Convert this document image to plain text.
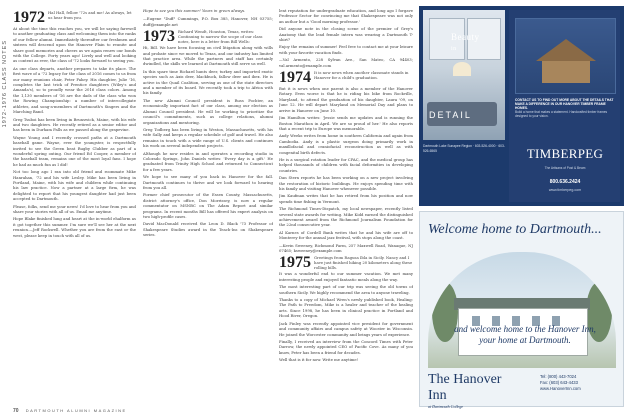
1972-1976 CLASS NOTES
1972 Hal Hall, fellow '72s and me! As always, let us hear from you.

At about the time this reaches you, we will be saying farewell to another graduating class and welcoming them into the ranks of our fellow alumni. Immediately thereafter our freshmen and sixteen will descend upon the Hanover Plain to reunite and share good memories and cheers as we again renew our bonds with the College. Forty years ago! Lively and well and looking as content as ever, the class of '72 looks forward to seeing you.

As one class departs, another prepares to take its place. The first wave of a '72 legacy for the class of 2016 comes to us from our many reunions chair, Peter Fahey. His daughter, Julie '16, completes the last trick of Prentice daughters (Wiley's and Amanda's), so to proudly wear the 2016 class colors. Among the 1,130 members of '16 are the dads of the class who won the Rowing Championship: a number of intercollegiate athletes, and song-a-members of Dartmouth's Singers and the Marching Band.

Greg Tsuboi has been living in Brunswick, Maine, with his wife and two daughters. He recently retired as a senior editor and has been in Durham Falls as we passed along the grapevine.

Wayne Young and I recently crossed paths at a Dartmouth baseball game. Wayne, ever the youngster, is respectfully invited to see the Green beat Rugby Clubber as part of a wonderful spring outing. Our friend Ed Cooper, a member of the baseball team, remains one of the most loyal fans. I hope he had as much fun as I did!

Not too long ago I ran into old friend and roommate Mike Hanrahan, '72 and his wife Lesley. Mike has been living in Portland, Maine, with his wife and children while continuing his law practice. Now a partner at a large firm, he was delighted to report that his youngest daughter had just been accepted to Dartmouth.

Please, folks, send me your news! I'd love to hear from you and share your stories with all of us. Email me anytime.

Hope Blake finished lung and heart at the in-world ehalform as it got together this summer. I'm sure we'll see her at the next reunion.—Jeff Rockwell. Whether you are from the east or the west, please keep in touch with all of us.

Hope to see you this summer! Yours in green always.

—Eugene "Duff" Cummings, P.O. Box 385, Hanover, NH 03755; duff@example.net

1973 Richard Wendt, Houston, Texas, writes: Continuing to narrow the scope of our class notes, here is a letter from Bill Wells:

Hi, Bill. We have been focusing on civil litigation along with wills and probate since we moved to Texas, and our industry has limited that practice area. While the partners and staff has certainly dwindled, the skills we learned at Dartmouth still serve us well.

In this spare time Richard hunts deer, turkey and imported exotic species such as Axis deer, blackbuck, fallow deer and ibex. He is active in the Quail Coalition, serving as one of the state directors and a member of its board. We recently took a trip to Africa with his family.

The new Alumni Council president is Russ Pochter, an economically important fact of our class, among our election as Alumni Council president. He will be working to prioritize the council's commitments, such as college relations, alumni organizations and mentoring.

Greg Todberg has been living in Weston, Massachusetts, with his wife Sally and keeps a regular schedule of golf and travel. He also remains in touch with a wide range of U.S. clients and continues his work on several independent projects.

Although he now resides in and operates a recording studio in Colorado Springs, John Daniels writes: 'Every day is a gift.' He graduated from Trinity High School and returned to Connecticut for a few years.

We hope to see many of you back in Hanover for the fall. Dartmouth continues to thrive and we look forward to hearing from you all.

Former chief prosecutor of the Essex County, Massachusetts, district attorney's office, Don Morrissey, is now a regular commentator on MSNBC on The Adam Report and similar programs. In recent months Bill has offered his expert analysis on two high-profile cases.

David MacDonald received the Leon D. Black '73 Professor of Shakespeare Studies award in the Teach-Ins on Shakespeare series.

lent reputation for undergraduate education, and long ago I forgave Professor Sector for convincing me that Shakespeare was not only an author but a 'Good morning professor.'

Did anyone note in the closing scene of the premier of Grey's Anatomy that the lead female intern was wearing a Dartmouth T-shirt?

Enjoy the remains of summer! Feel free to contact me at your leisure with your favorite vacation finds.

—Val Armento, 228 Sylvan Ave., San Mateo, CA 94403; val.armento@example.com

1974 It is now news when another classmate stands in Hanover for a child's graduation.

But it is news when one parent is also a member of the Hanover Rotary. Even worse is that he is riding his bike from Rockville, Maryland, to attend the graduation of his daughter, Laura '09, on June 12. He will depart Maryland on Memorial Day and plans to arrive in Hanover on June 10.

Jim Hamilton writes: 'Jessie sends me updates and is running the Boston Marathon in April. We are so proud of her.' He also reports that a recent trip to Europe was memorable.

Andy Weeks writes from home in southern California and again from Cambodia. Andy is a plastic surgeon doing primarily work in maxillofacial and craniofacial reconstruction as well as with congenital birth defects.

He is a surgical rotation leader for CPAC, and the medical group has helped thousands of children with facial deformities in developing countries.

Dan Stern reports he has been working on a new project involving the restoration of historic buildings. He enjoys spending time with his family and visiting Hanover whenever possible.

Jim Kaufman writes that he has retired from his position and now spends time fishing in Vermont.

The Richmond Times-Dispatch, my local newspaper, recently listed several state awards for writing. Mike Kidd earned the distinguished achievement award from the Richmond Journalism Foundation for the 22nd consecutive year.

Al Karnes of Cordell Bank writes that he and his wife are off to Monterey for the annual jazz festival, with stops along the coast.

—Kevin Sweeney, Richmond Farm, 257 Maxwell Road, Wanaque, NJ 07465; ksweeney@example.com

1975 Greetings from Ragusa Ibla in Sicily. Nancy and I have just finished hiking 20 kilometers along these rolling hills.

It was a wonderful end to our summer vacation. We met many interesting people and enjoyed fantastic meals along the way.

The most interesting part of our trip was seeing the old towns of southern Sicily. We highly recommend the area to anyone traveling.

Thanks to a copy of Michael Wren's newly published book, Healing: The Path to Freedom, Mike is a healer and teacher of the healing arts. Since 1998, he has been in clinical practice in Portland and Hood River, Oregon.

Jack Finley was recently appointed vice president for government and community affairs and campus safety at Wooster in Wisconsin. He joined the Worcester community and brings years of experience.

Finally, I received an interview from the Concord Times with Peter Darrow, the newly appointed CEO of Pacific Cove. As many of you know, Peter has been a friend for decades.

Well that is it for now. Write me anytime!

Beauty
in
DETAIL
Dartmouth Lake Sunapee Region · 603-526-4000 · 603-526-6565
CONTACT US TO FIND OUT MORE ABOUT THE DETAILS THAT MAKE A DIFFERENCE IN OUR HANOVER TIMBER FRAME HOMES.
Build a home that makes a statement. Handcrafted timber frames designed to your vision.
TIMBERPEG
The Artisans of Post & Beam
800.636.2424
www.timberpeg.com
Welcome home to Dartmouth...
and welcome home to the Hanover Inn, your home at Dartmouth.
The Hanover Inn
at Dartmouth College
Tel: (800) 443-7024
Fax: (603) 643-4433
www.HanoverInn.com
70 DARTMOUTH ALUMNI MAGAZINE
